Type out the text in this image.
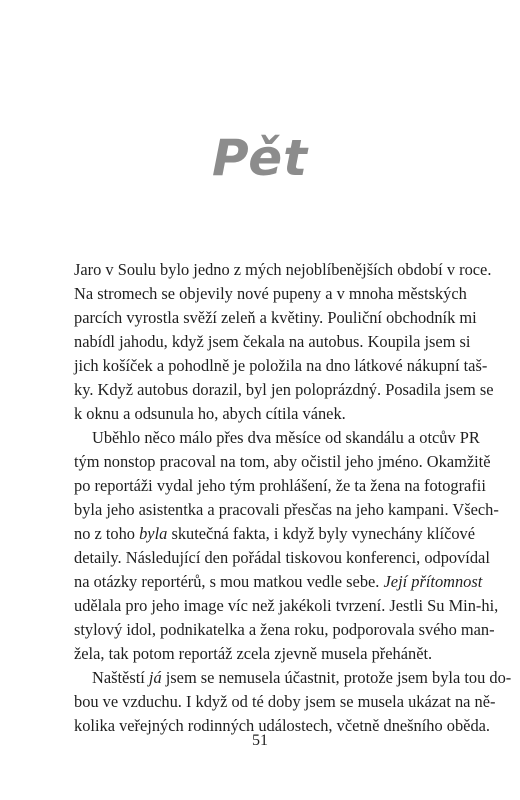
Pět
Jaro v Soulu bylo jedno z mých nejoblíbenějších období v roce.
Na stromech se objevily nové pupeny a v mnoha městských
parcích vyrostla svěží zeleň a květiny. Pouliční obchodník mi
nabídl jahodu, když jsem čekala na autobus. Koupila jsem si
jich košíček a pohodlně je položila na dno látkové nákupní taš-
ky. Když autobus dorazil, byl jen poloprázdný. Posadila jsem se
k oknu a odsunula ho, abych cítila vánek.
Uběhlo něco málo přes dva měsíce od skandálu a otcův PR
tým nonstop pracoval na tom, aby očistil jeho jméno. Okamžitě
po reportáži vydal jeho tým prohlášení, že ta žena na fotografii
byla jeho asistentka a pracovali přesčas na jeho kampani. Všech-
no z toho byla skutečná fakta, i když byly vynechány klíčové
detaily. Následující den pořádal tiskovou konferenci, odpovídal
na otázky reportérů, s mou matkou vedle sebe. Její přítomnost
udělala pro jeho image víc než jakékoli tvrzení. Jestli Su Min-hi,
stylový idol, podnikatelka a žena roku, podporovala svého man-
žela, tak potom reportáž zcela zjevně musela přehánět.
Naštěstí já jsem se nemusela účastnit, protože jsem byla tou do-
bou ve vzduchu. I když od té doby jsem se musela ukázat na ně-
kolika veřejných rodinných událostech, včetně dnešního oběda.
51
